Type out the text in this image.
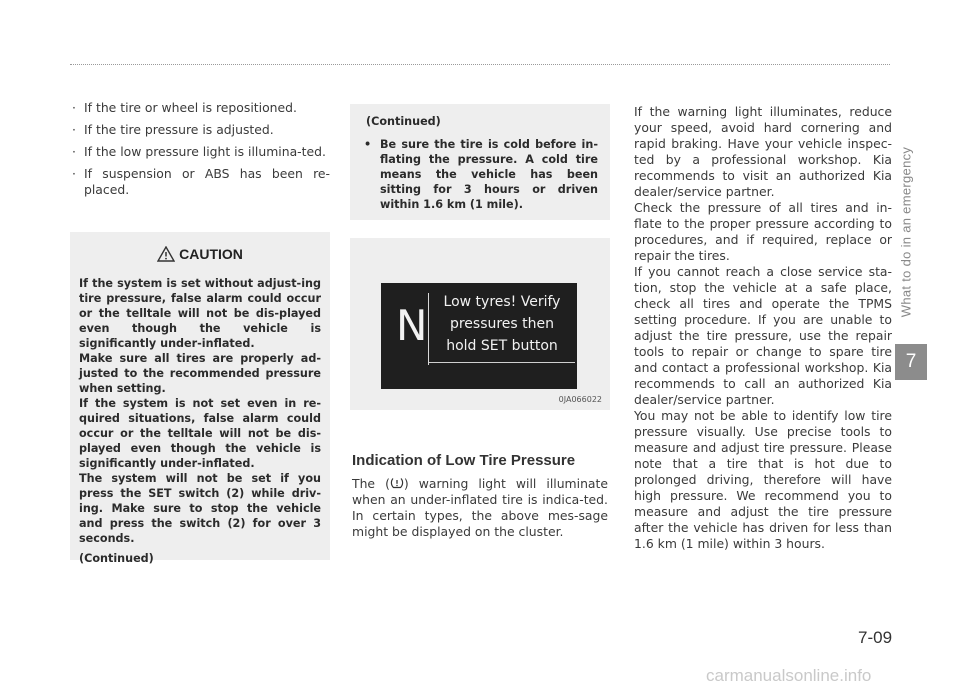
· If the tire or wheel is repositioned.
· If the tire pressure is adjusted.
· If the low pressure light is illumina-ted.
· If suspension or ABS has been re-placed.
CAUTION

If the system is set without adjust-ing tire pressure, false alarm could occur or the telltale will not be dis-played even though the vehicle is significantly under-inflated.

Make sure all tires are properly ad-justed to the recommended pressure when setting.

If the system is not set even in re-quired situations, false alarm could occur or the telltale will not be dis-played even though the vehicle is significantly under-inflated.

The system will not be set if you press the SET switch (2) while driv-ing. Make sure to stop the vehicle and press the switch (2) for over 3 seconds.

(Continued)
(Continued)
• Be sure the tire is cold before in-flating the pressure. A cold tire means the vehicle has been sitting for 3 hours or driven within 1.6 km (1 mile).
N	Low tyres! Verify
pressures then
hold SET button
0JA066022
Indication of Low Tire Pressure
The ( ) warning light will illuminate when an under-inflated tire is indica-ted. In certain types, the above mes-sage might be displayed on the cluster.

If the warning light illuminates, reduce your speed, avoid hard cornering and rapid braking. Have your vehicle inspec-ted by a professional workshop. Kia recommends to visit an authorized Kia dealer/service partner.

Check the pressure of all tires and in-flate to the proper pressure according to procedures, and if required, replace or repair the tires.

If you cannot reach a close service sta-tion, stop the vehicle at a safe place, check all tires and operate the TPMS setting procedure. If you are unable to adjust the tire pressure, use the repair tools to repair or change to spare tire and contact a professional workshop. Kia recommends to call an authorized Kia dealer/service partner.

You may not be able to identify low tire pressure visually. Use precise tools to measure and adjust tire pressure. Please note that a tire that is hot due to prolonged driving, therefore will have high pressure. We recommend you to measure and adjust the tire pressure after the vehicle has driven for less than 1.6 km (1 mile) within 3 hours.

What to do in an emergency
7
7-09
carmanualsonline.info
